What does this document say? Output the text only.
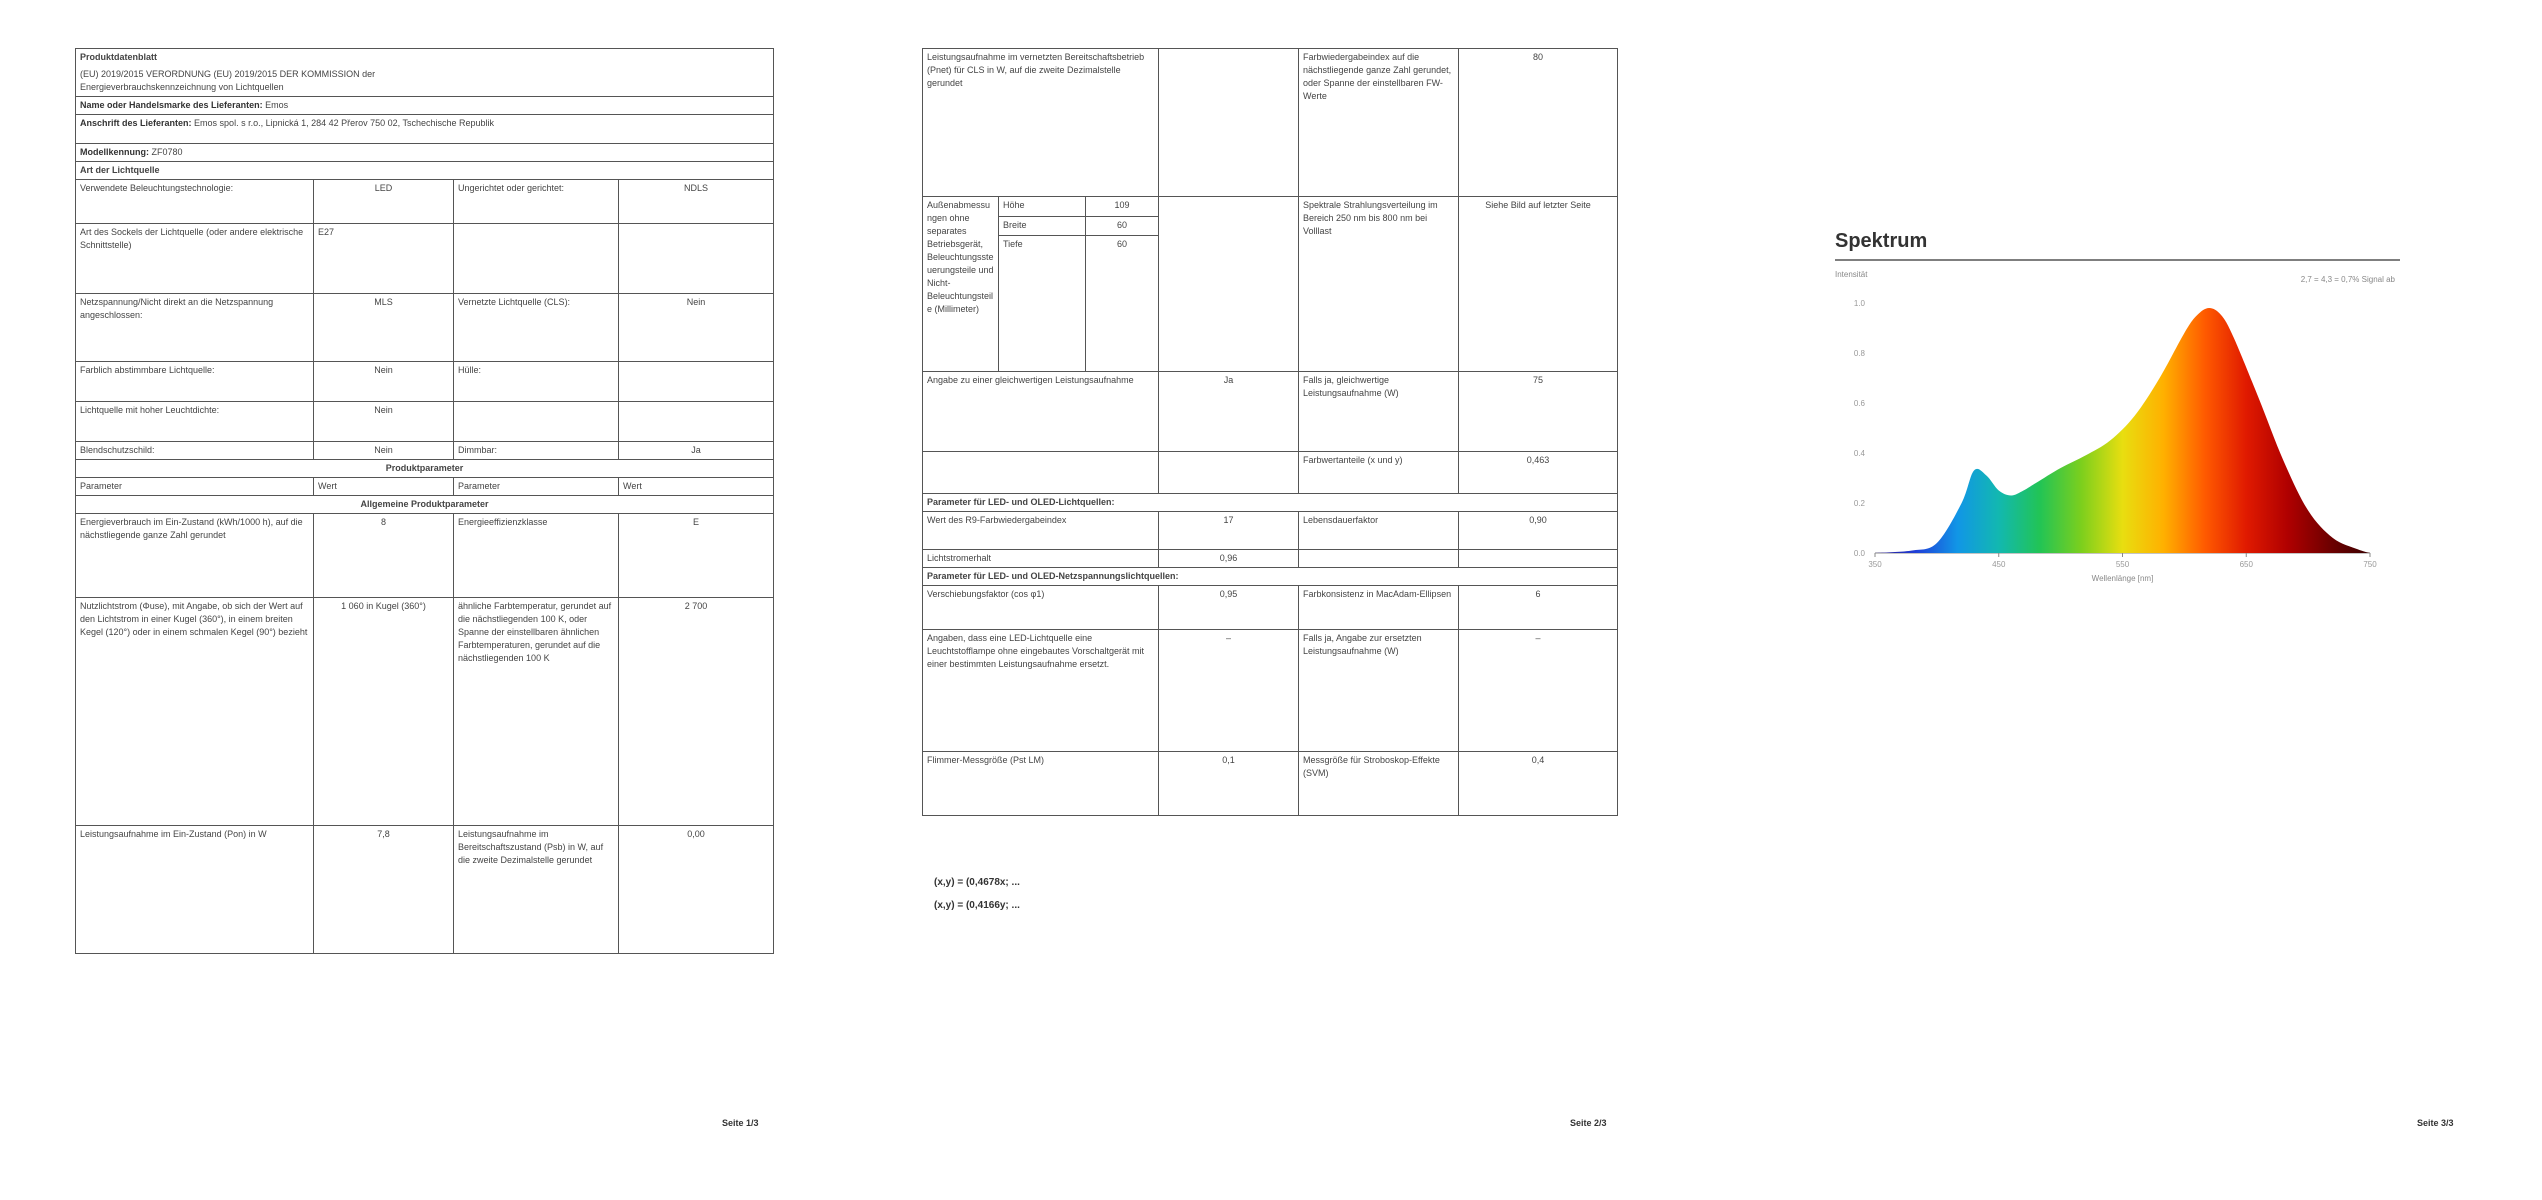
Produktdatenblatt			

(EU) 2019/2015 VERORDNUNG (EU) 2019/2015 DER KOMMISSION der
Energieverbrauchskennzeichnung von Lichtquellen			

Name oder Handelsmarke des Lieferanten: Emos			
Anschrift des Lieferanten: Emos spol. s r.o., Lipnická 1, 284 42 Přerov 750 02, Tschechische Republik			
Modellkennung: ZF0780			
Art der Lichtquelle			
Verwendete Beleuchtungstechnologie:	LED	Ungerichtet oder gerichtet:	NDLS
Art des Sockels der Lichtquelle (oder andere elektrische Schnittstelle)	E27		
Netzspannung/Nicht direkt an die Netzspannung angeschlossen:	MLS	Vernetzte Lichtquelle (CLS):	Nein
Farblich abstimmbare Lichtquelle:	Nein	Hülle:	
Lichtquelle mit hoher Leuchtdichte:	Nein		
Blendschutzschild:	Nein	Dimmbar:	Ja
Produktparameter			
Parameter	Wert	Parameter	Wert
Allgemeine Produktparameter			
Energieverbrauch im Ein-Zustand (kWh/1000 h), auf die nächstliegende ganze Zahl gerundet	8	Energieeffizienzklasse	E
Nutzlichtstrom (Φuse), mit Angabe, ob sich der Wert auf den Lichtstrom in einer Kugel (360°), in einem breiten Kegel (120°) oder in einem schmalen Kegel (90°) bezieht	1 060 in Kugel (360°)	ähnliche Farbtemperatur, gerundet auf die nächstliegenden 100 K, oder Spanne der einstellbaren ähnlichen Farbtemperaturen, gerundet auf die nächstliegenden 100 K	2 700
Leistungsaufnahme im Ein-Zustand (Pon) in W	7,8	Leistungsaufnahme im Bereitschaftszustand (Psb) in W, auf die zweite Dezimalstelle gerundet	0,00
Seite 1/3
Leistungsaufnahme im vernetzten Bereitschaftsbetrieb (Pnet) für CLS in W, auf die zweite Dezimalstelle gerundet				Farbwiedergabeindex auf die nächstliegende ganze Zahl gerundet, oder Spanne der einstellbaren FW-Werte	80
Außenabmessungen ohne separates Betriebsgerät, Beleuchtungssteuerungsteile und Nicht-Beleuchtungsteile (Millimeter)	Höhe	109		Spektrale Strahlungsverteilung im Bereich 250 nm bis 800 nm bei Volllast	Siehe Bild auf letzter Seite
	Breite	60			
	Tiefe	60			
Angabe zu einer gleichwertigen Leistungsaufnahme			Ja	Falls ja, gleichwertige Leistungsaufnahme (W)	75
				Farbwertanteile (x und y)	0,463
Parameter für LED- und OLED-Lichtquellen:					
Wert des R9-Farbwiedergabeindex			17	Lebensdauerfaktor	0,90
Lichtstromerhalt			0,96		
Parameter für LED- und OLED-Netzspannungslichtquellen:					
Verschiebungsfaktor (cos φ1)			0,95	Farbkonsistenz in MacAdam-Ellipsen	6
Angaben, dass eine LED-Lichtquelle eine Leuchtstofflampe ohne eingebautes Vorschaltgerät mit einer bestimmten Leistungsaufnahme ersetzt.			–	Falls ja, Angabe zur ersetzten Leistungsaufnahme (W)	–
Flimmer-Messgröße (Pst LM)			0,1	Messgröße für Stroboskop-Effekte (SVM)	0,4
(x,y) = (0,4678x; ...
(x,y) = (0,4166y; ...
Seite 2/3	Seite 3/3
Spektrum
Intensität
2,7 = 4,3 = 0,7% Signal ab
1.0
0.8
0.6
0.4
0.2
0.0
350	450	550	650	750
Wellenlänge [nm]
